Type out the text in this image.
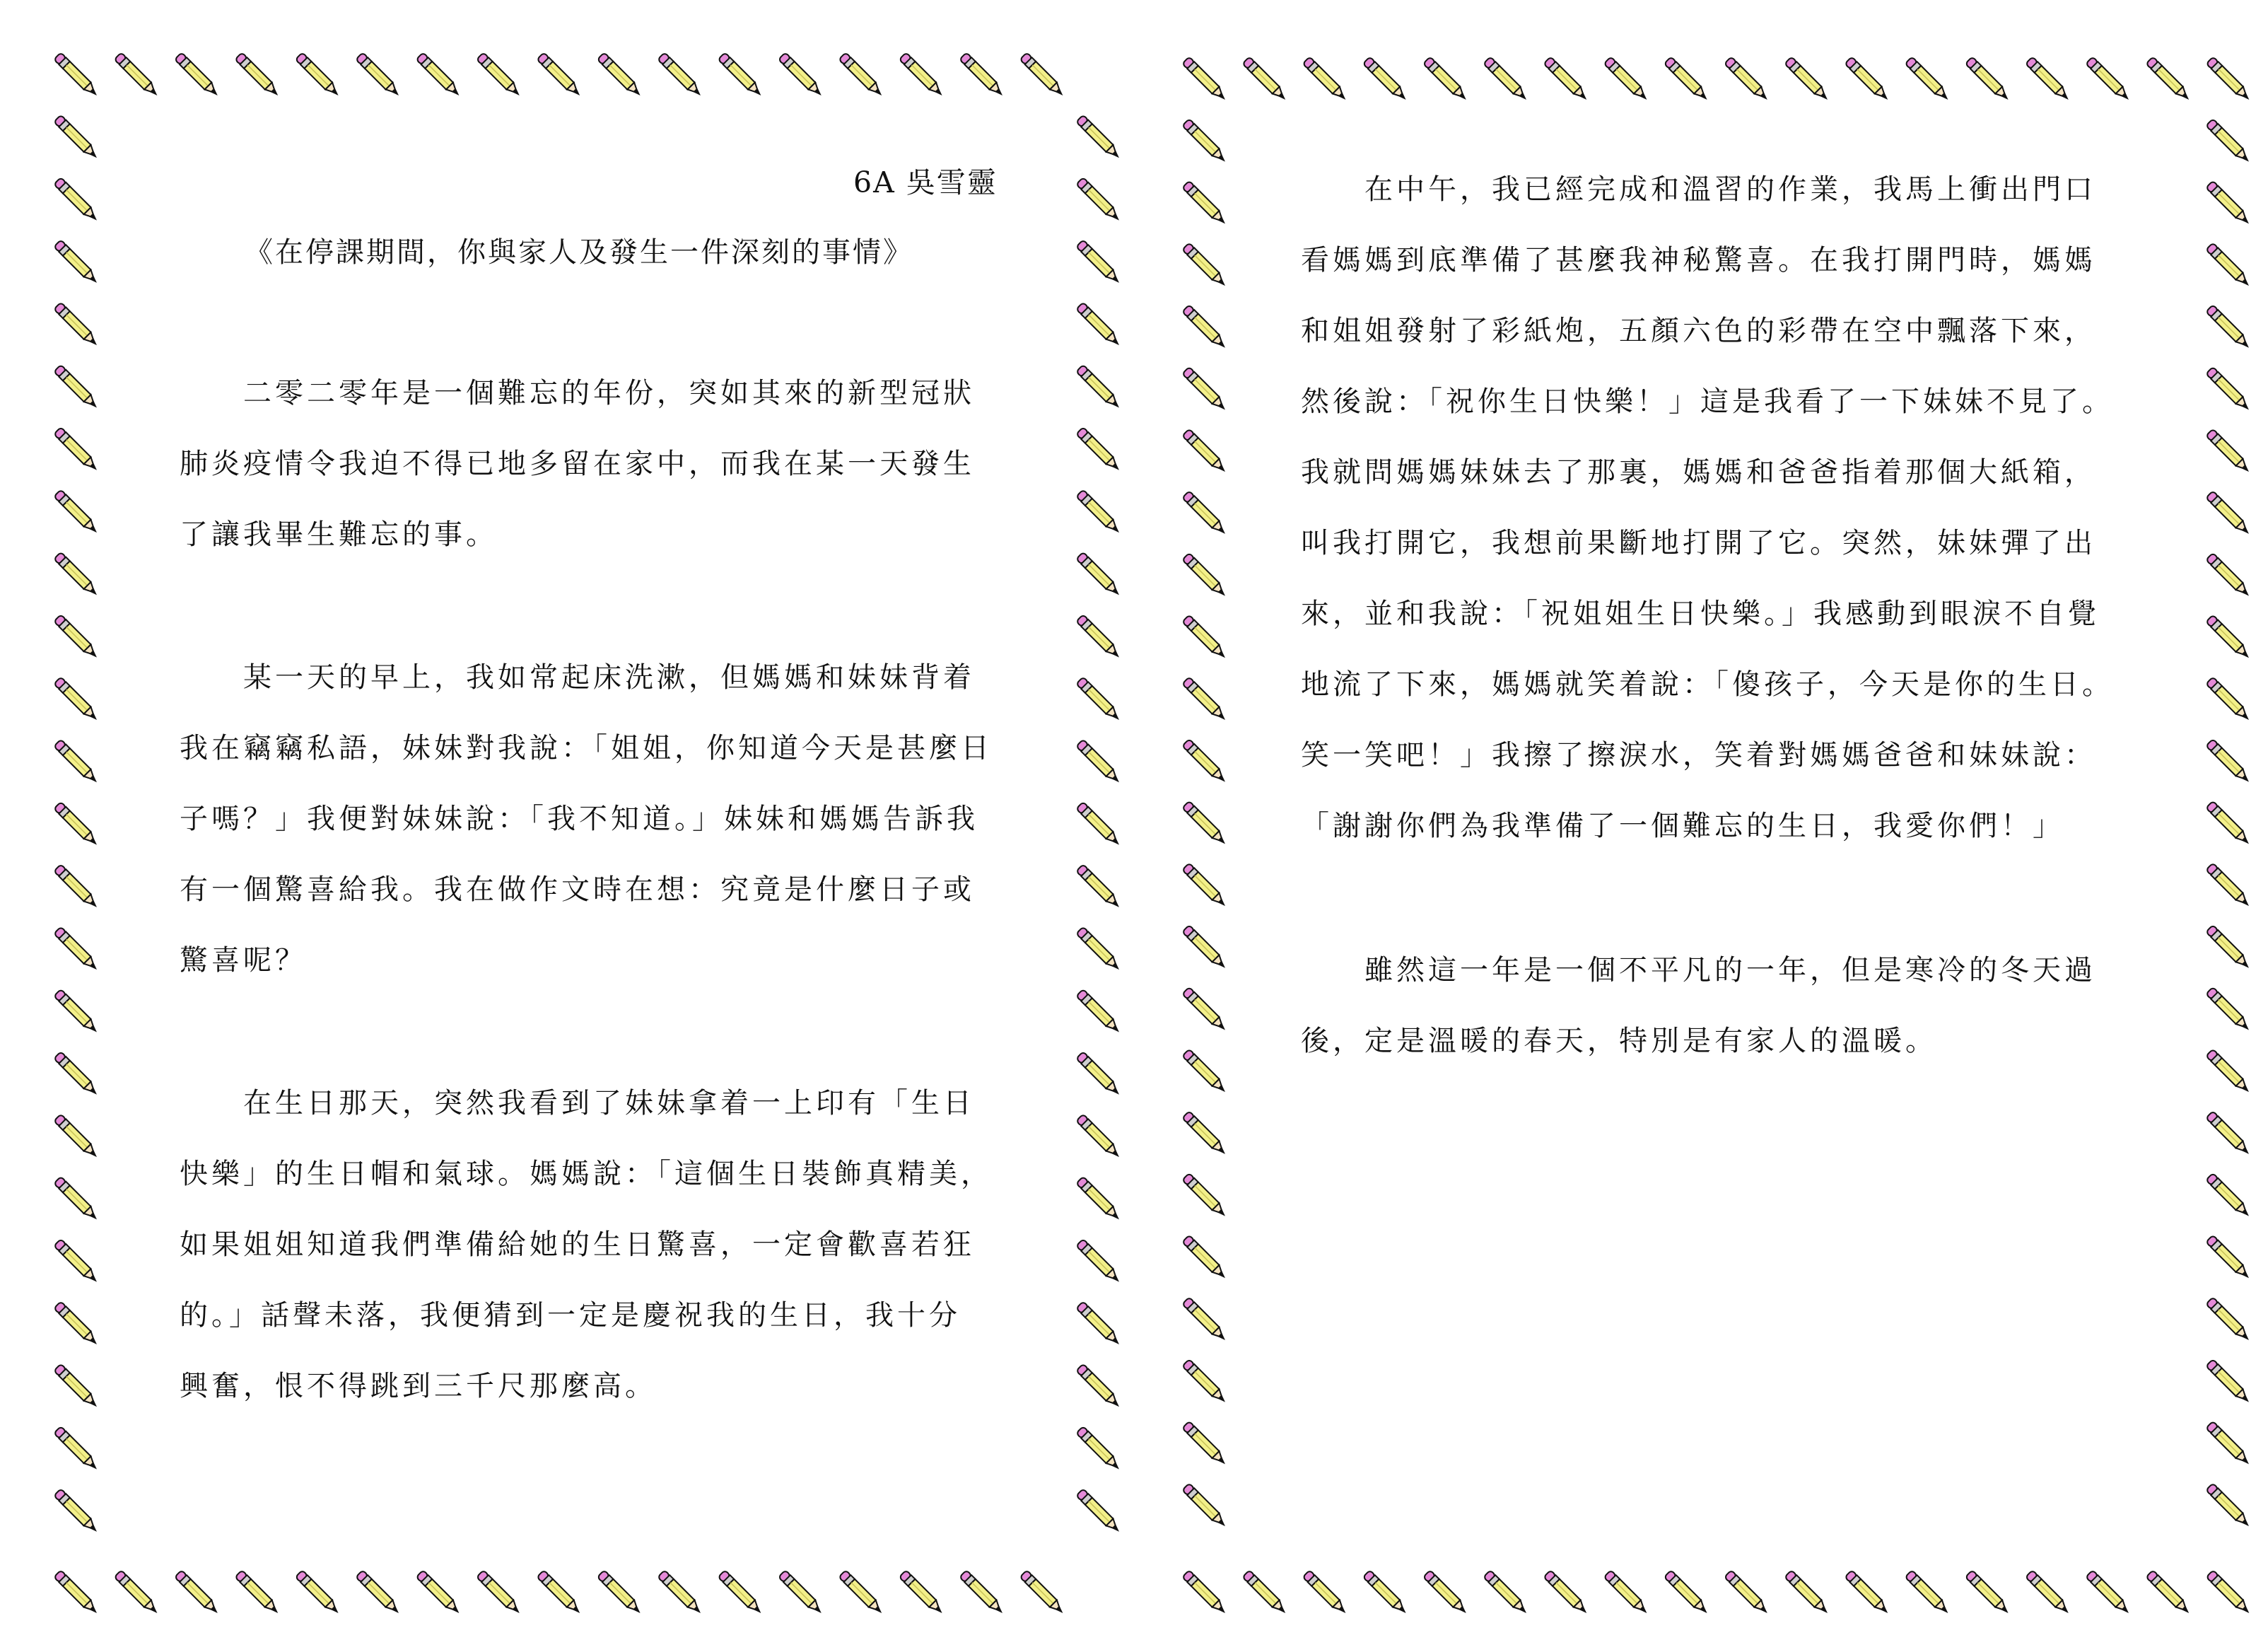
6A 吳雪靈
《在停課期間，你與家人及發生一件深刻的事情》
　　二零二零年是一個難忘的年份，突如其來的新型冠狀
肺炎疫情令我迫不得已地多留在家中，而我在某一天發生
了讓我畢生難忘的事。
　　某一天的早上，我如常起床洗漱，但媽媽和妹妹背着
我在竊竊私語，妹妹對我說：「姐姐，你知道今天是甚麼日
子嗎？」我便對妹妹說：「我不知道。」妹妹和媽媽告訴我
有一個驚喜給我。我在做作文時在想：究竟是什麼日子或
驚喜呢？
　　在生日那天，突然我看到了妹妹拿着一上印有「生日
快樂」的生日帽和氣球。媽媽說：「這個生日裝飾真精美，
如果姐姐知道我們準備給她的生日驚喜，一定會歡喜若狂
的。」話聲未落，我便猜到一定是慶祝我的生日，我十分
興奮，恨不得跳到三千尺那麼高。
　　在中午，我已經完成和溫習的作業，我馬上衝出門口
看媽媽到底準備了甚麼我神秘驚喜。在我打開門時，媽媽
和姐姐發射了彩紙炮，五顏六色的彩帶在空中飄落下來，
然後說：「祝你生日快樂！」這是我看了一下妹妹不見了。
我就問媽媽妹妹去了那裏，媽媽和爸爸指着那個大紙箱，
叫我打開它，我想前果斷地打開了它。突然，妹妹彈了出
來，並和我說：「祝姐姐生日快樂。」我感動到眼淚不自覺
地流了下來，媽媽就笑着說：「傻孩子，今天是你的生日。
笑一笑吧！」我擦了擦淚水，笑着對媽媽爸爸和妹妹說：
「謝謝你們為我準備了一個難忘的生日，我愛你們！」
　　雖然這一年是一個不平凡的一年，但是寒冷的冬天過
後，定是溫暖的春天，特別是有家人的溫暖。
